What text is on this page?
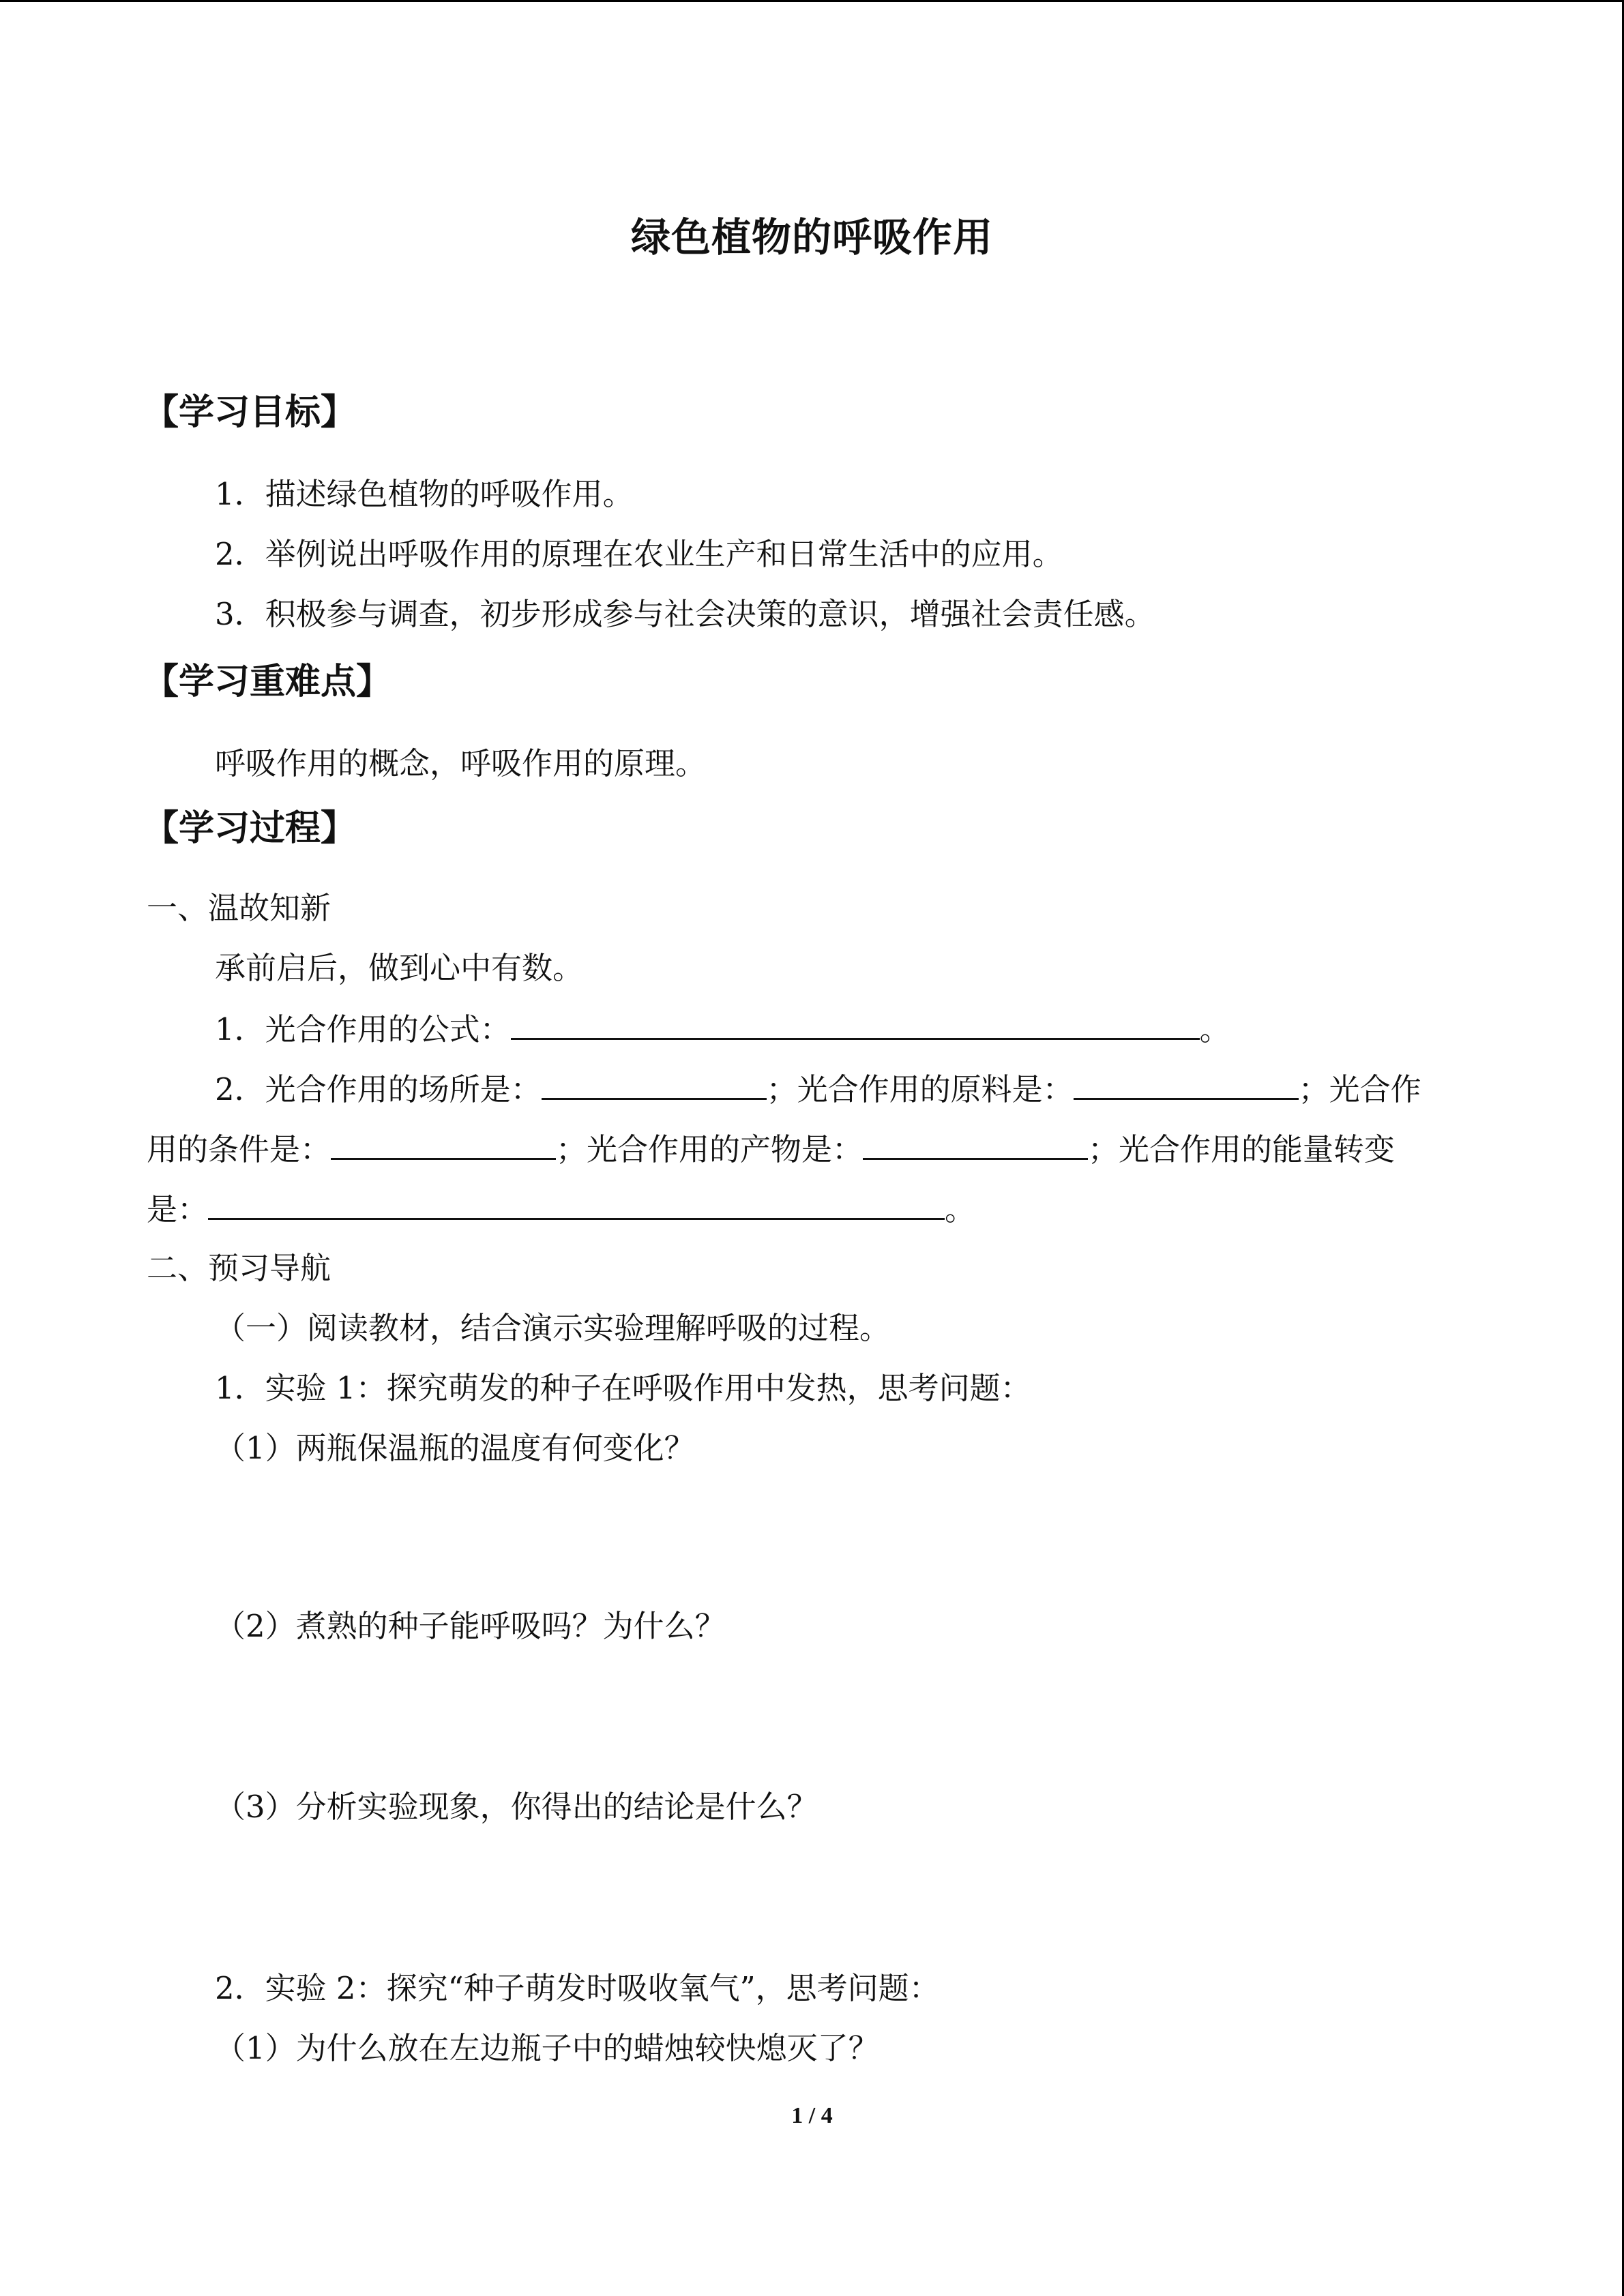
绿色植物的呼吸作用
【学习目标】
1．描述绿色植物的呼吸作用。
2．举例说出呼吸作用的原理在农业生产和日常生活中的应用。
3．积极参与调查，初步形成参与社会决策的意识，增强社会责任感。
【学习重难点】
呼吸作用的概念，呼吸作用的原理。
【学习过程】
一、温故知新
承前启后，做到心中有数。
1．光合作用的公式：	。
2．光合作用的场所是：	；光合作用的原料是：	；光合作
用的条件是：	；光合作用的产物是：	；光合作用的能量转变
是：	。
二、预习导航
（一）阅读教材，结合演示实验理解呼吸的过程。
1．实验 1：探究萌发的种子在呼吸作用中发热，思考问题：
（1）两瓶保温瓶的温度有何变化？
（2）煮熟的种子能呼吸吗？为什么？
（3）分析实验现象，你得出的结论是什么？
2．实验 2：探究“种子萌发时吸收氧气”，思考问题：
（1）为什么放在左边瓶子中的蜡烛较快熄灭了？
1 / 4
